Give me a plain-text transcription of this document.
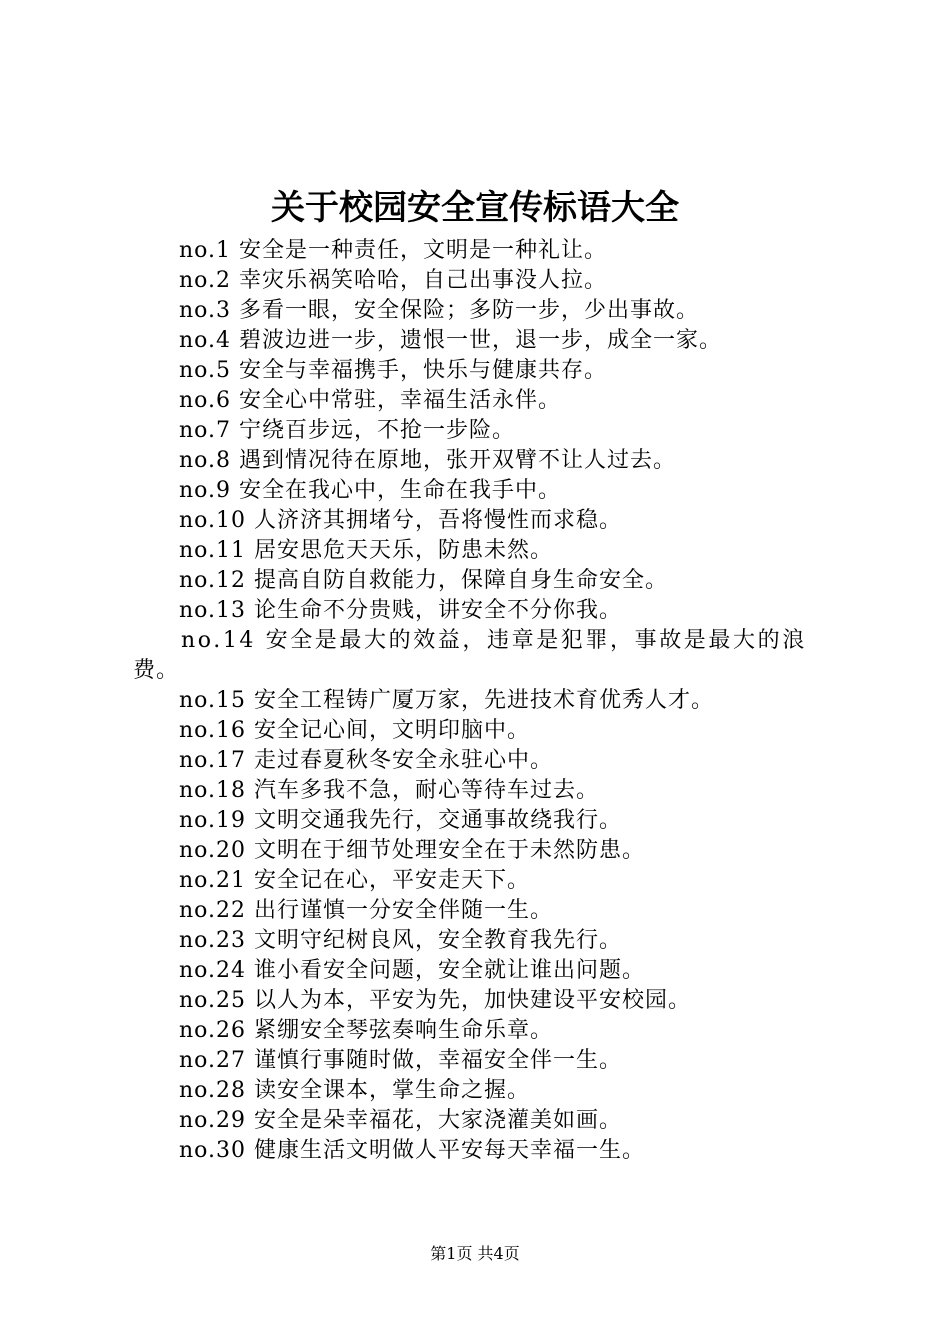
关于校园安全宣传标语大全
no.1 安全是一种责任，文明是一种礼让。
no.2 幸灾乐祸笑哈哈，自己出事没人拉。
no.3 多看一眼，安全保险；多防一步，少出事故。
no.4 碧波边进一步，遗恨一世，退一步，成全一家。
no.5 安全与幸福携手，快乐与健康共存。
no.6 安全心中常驻，幸福生活永伴。
no.7 宁绕百步远，不抢一步险。
no.8 遇到情况待在原地，张开双臂不让人过去。
no.9 安全在我心中，生命在我手中。
no.10 人济济其拥堵兮，吾将慢性而求稳。
no.11 居安思危天天乐，防患未然。
no.12 提高自防自救能力，保障自身生命安全。
no.13 论生命不分贵贱，讲安全不分你我。
no.14 安全是最大的效益，违章是犯罪，事故是最大的浪
费。
no.15 安全工程铸广厦万家，先进技术育优秀人才。
no.16 安全记心间，文明印脑中。
no.17 走过春夏秋冬安全永驻心中。
no.18 汽车多我不急，耐心等待车过去。
no.19 文明交通我先行，交通事故绕我行。
no.20 文明在于细节处理安全在于未然防患。
no.21 安全记在心，平安走天下。
no.22 出行谨慎一分安全伴随一生。
no.23 文明守纪树良风，安全教育我先行。
no.24 谁小看安全问题，安全就让谁出问题。
no.25 以人为本，平安为先，加快建设平安校园。
no.26 紧绷安全琴弦奏响生命乐章。
no.27 谨慎行事随时做，幸福安全伴一生。
no.28 读安全课本，掌生命之握。
no.29 安全是朵幸福花，大家浇灌美如画。
no.30 健康生活文明做人平安每天幸福一生。
第1页 共4页
